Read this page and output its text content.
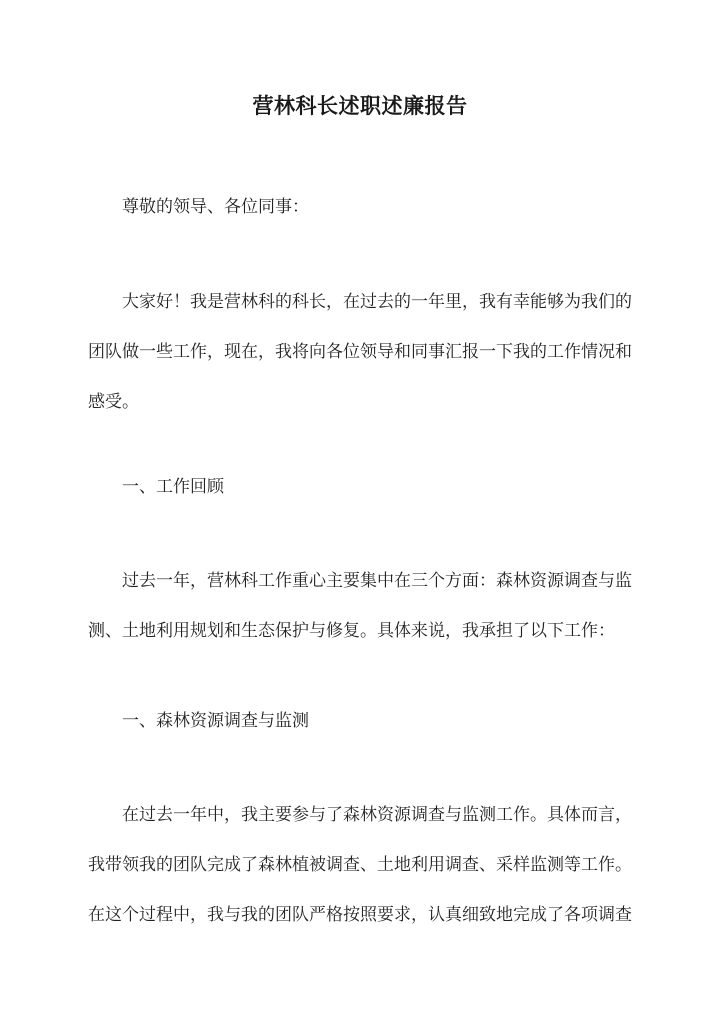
营林科长述职述廉报告
尊敬的领导、各位同事：
大家好！我是营林科的科长，在过去的一年里，我有幸能够为我们的团队做一些工作，现在，我将向各位领导和同事汇报一下我的工作情况和感受。
一、工作回顾
过去一年，营林科工作重心主要集中在三个方面：森林资源调查与监测、土地利用规划和生态保护与修复。具体来说，我承担了以下工作：
一、森林资源调查与监测
在过去一年中，我主要参与了森林资源调查与监测工作。具体而言，我带领我的团队完成了森林植被调查、土地利用调查、采样监测等工作。在这个过程中，我与我的团队严格按照要求，认真细致地完成了各项调查
